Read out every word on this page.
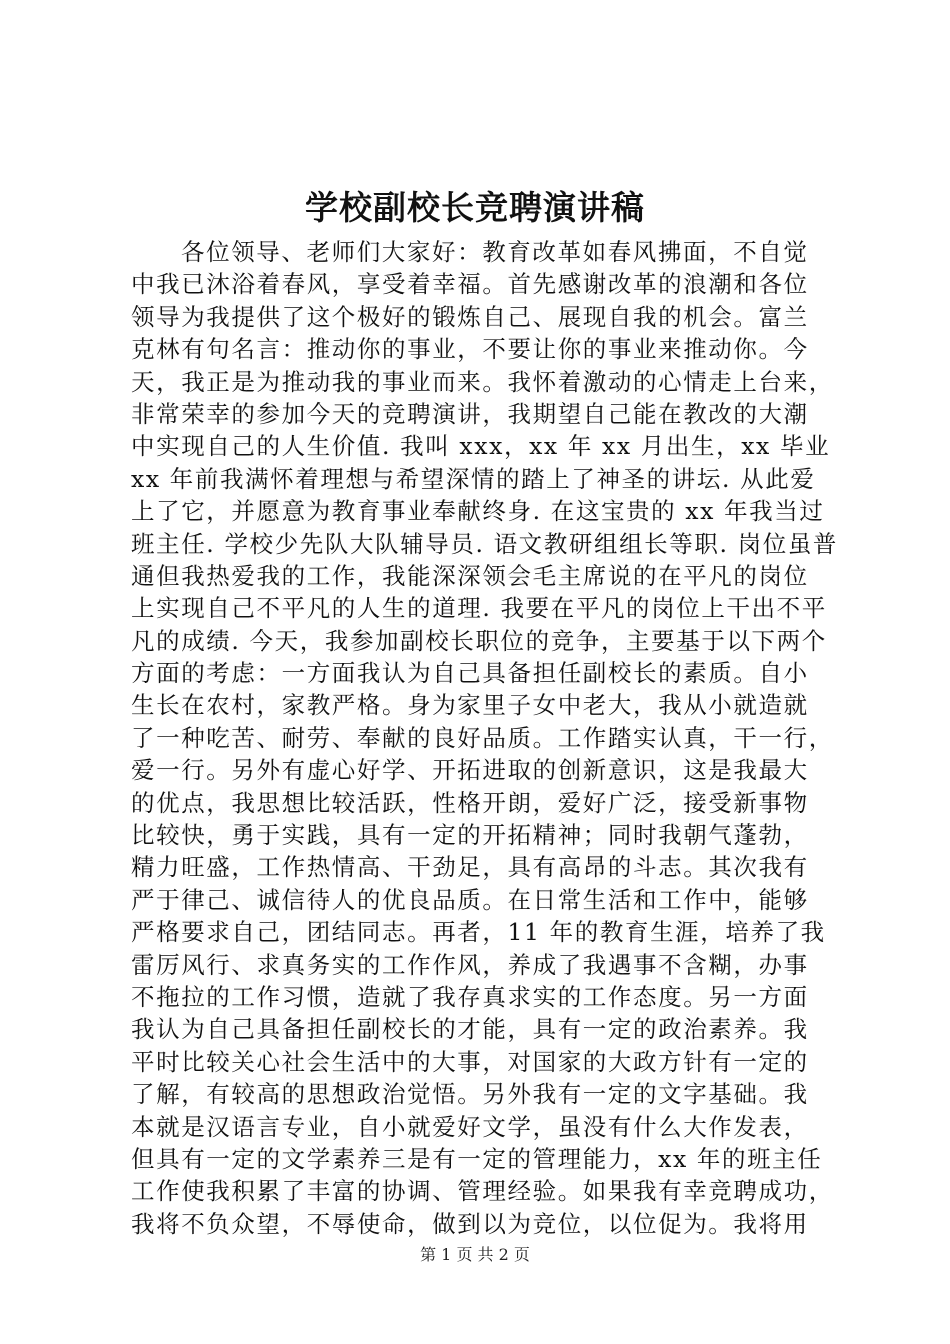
学校副校长竞聘演讲稿
各位领导、老师们大家好：教育改革如春风拂面，不自觉
中我已沐浴着春风，享受着幸福。首先感谢改革的浪潮和各位
领导为我提供了这个极好的锻炼自己、展现自我的机会。富兰
克林有句名言：推动你的事业，不要让你的事业来推动你。今
天，我正是为推动我的事业而来。我怀着激动的心情走上台来，
非常荣幸的参加今天的竞聘演讲，我期望自己能在教改的大潮
中实现自己的人生价值. 我叫 xxx，xx 年 xx 月出生，xx 毕业
xx 年前我满怀着理想与希望深情的踏上了神圣的讲坛. 从此爱
上了它，并愿意为教育事业奉献终身. 在这宝贵的 xx 年我当过
班主任. 学校少先队大队辅导员. 语文教研组组长等职. 岗位虽普
通但我热爱我的工作，我能深深领会毛主席说的在平凡的岗位
上实现自己不平凡的人生的道理. 我要在平凡的岗位上干出不平
凡的成绩. 今天，我参加副校长职位的竞争，主要基于以下两个
方面的考虑：一方面我认为自己具备担任副校长的素质。自小
生长在农村，家教严格。身为家里子女中老大，我从小就造就
了一种吃苦、耐劳、奉献的良好品质。工作踏实认真，干一行，
爱一行。另外有虚心好学、开拓进取的创新意识，这是我最大
的优点，我思想比较活跃，性格开朗，爱好广泛，接受新事物
比较快，勇于实践，具有一定的开拓精神；同时我朝气蓬勃，
精力旺盛，工作热情高、干劲足，具有高昂的斗志。其次我有
严于律己、诚信待人的优良品质。在日常生活和工作中，能够
严格要求自己，团结同志。再者，11 年的教育生涯，培养了我
雷厉风行、求真务实的工作作风，养成了我遇事不含糊，办事
不拖拉的工作习惯，造就了我存真求实的工作态度。另一方面
我认为自己具备担任副校长的才能，具有一定的政治素养。我
平时比较关心社会生活中的大事，对国家的大政方针有一定的
了解，有较高的思想政治觉悟。另外我有一定的文字基础。我
本就是汉语言专业，自小就爱好文学，虽没有什么大作发表，
但具有一定的文学素养三是有一定的管理能力，xx 年的班主任
工作使我积累了丰富的协调、管理经验。如果我有幸竞聘成功，
我将不负众望，不辱使命，做到以为竞位，以位促为。我将用
第 1 页 共 2 页
